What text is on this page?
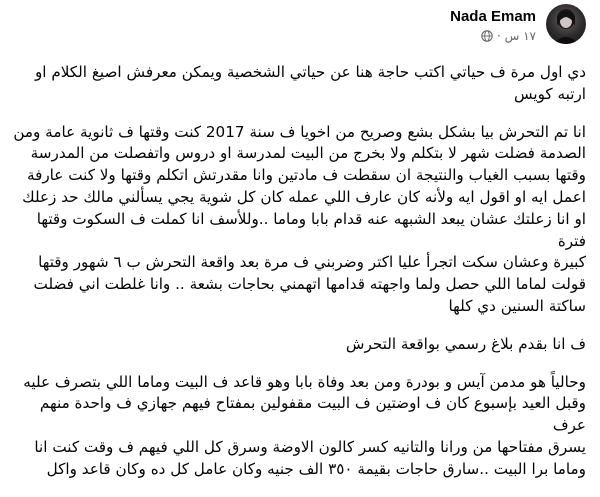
Nada Emam
١٧ س ·

دي اول مرة ف حياتي اكتب حاجة هنا عن حياتي الشخصية ويمكن معرفش اصيغ الكلام او
ارتبه كويس

انا تم التحرش بيا بشكل بشع وصريح من اخويا ف سنة 2017 كنت وقتها ف ثانوية عامة ومن
الصدمة فضلت شهر لا بتكلم ولا بخرج من البيت لمدرسة او دروس واتفصلت من المدرسة
وقتها بسبب الغياب والنتيجة ان سقطت ف مادتين وانا مقدرتش اتكلم وقتها ولا كنت عارفة
اعمل ايه او اقول ايه ولأنه كان عارف اللي عمله كان كل شوية يجي يسألني مالك حد زعلك
او انا زعلتك عشان يبعد الشبهه عنه قدام بابا وماما ..وللأسف انا كملت ف السكوت وقتها فترة
كبيرة وعشان سكت اتجرأ عليا اكتر وضربني ف مرة بعد واقعة التحرش ب ٦ شهور وقتها
قولت لماما اللي حصل ولما واجهته قدامها اتهمني بحاجات بشعة .. وانا غلطت اني فضلت
ساكتة السنين دي كلها

ف انا بقدم بلاغ رسمي بواقعة التحرش

وحالياً هو مدمن آيس و بودرة ومن بعد وفاة بابا وهو قاعد ف البيت وماما اللي بتصرف عليه
وقبل العيد بإسبوع كان ف اوضتين ف البيت مقفولين بمفتاح فيهم جهازي ف واحدة منهم عرف
يسرق مفتاحها من ورانا والتانيه كسر كالون الاوضة وسرق كل اللي فيهم ف وقت كنت انا
وماما برا البيت ..سارق حاجات بقيمة ٣٥٠ الف جنيه وكان عامل كل ده وكان قاعد واكل
